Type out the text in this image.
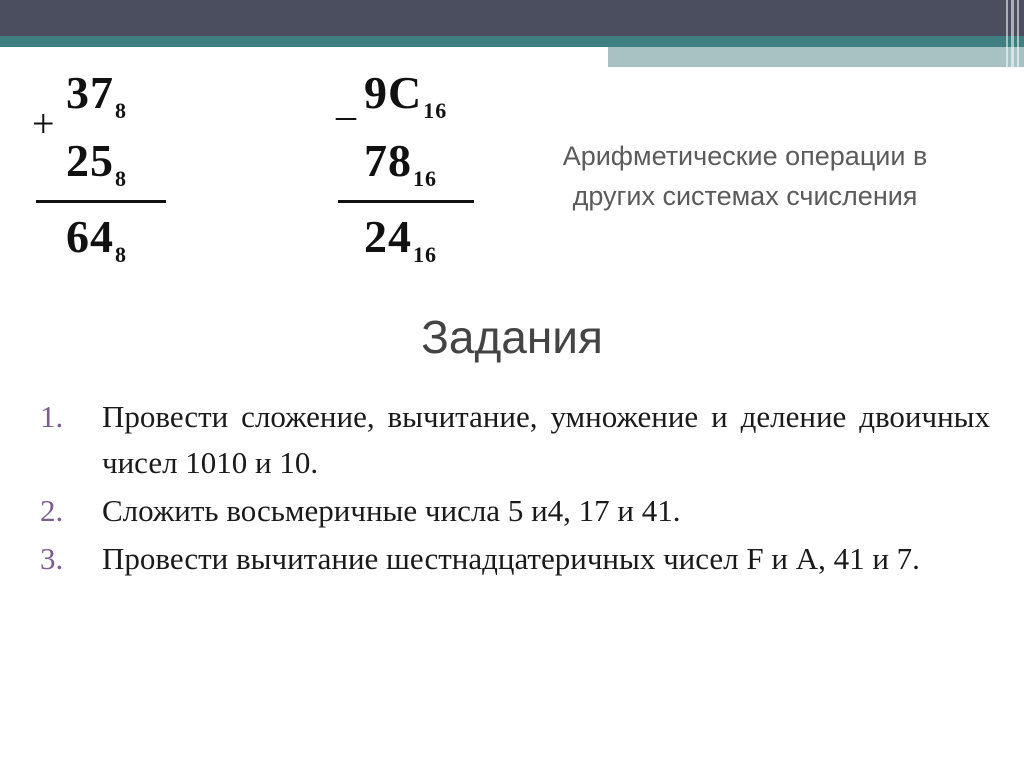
+
$37_8$
$25_8$
$64_8$
_ $9C_{16}$
$78_{16}$
$24_{16}$
Арифметические операции в
других системах счисления
Задания
1. Провести сложение, вычитание, умножение и деление двоичных чисел 1010 и 10.
2. Сложить восьмеричные числа 5 и4, 17 и 41.
3. Провести вычитание шестнадцатеричных чисел F и А, 41 и 7.
